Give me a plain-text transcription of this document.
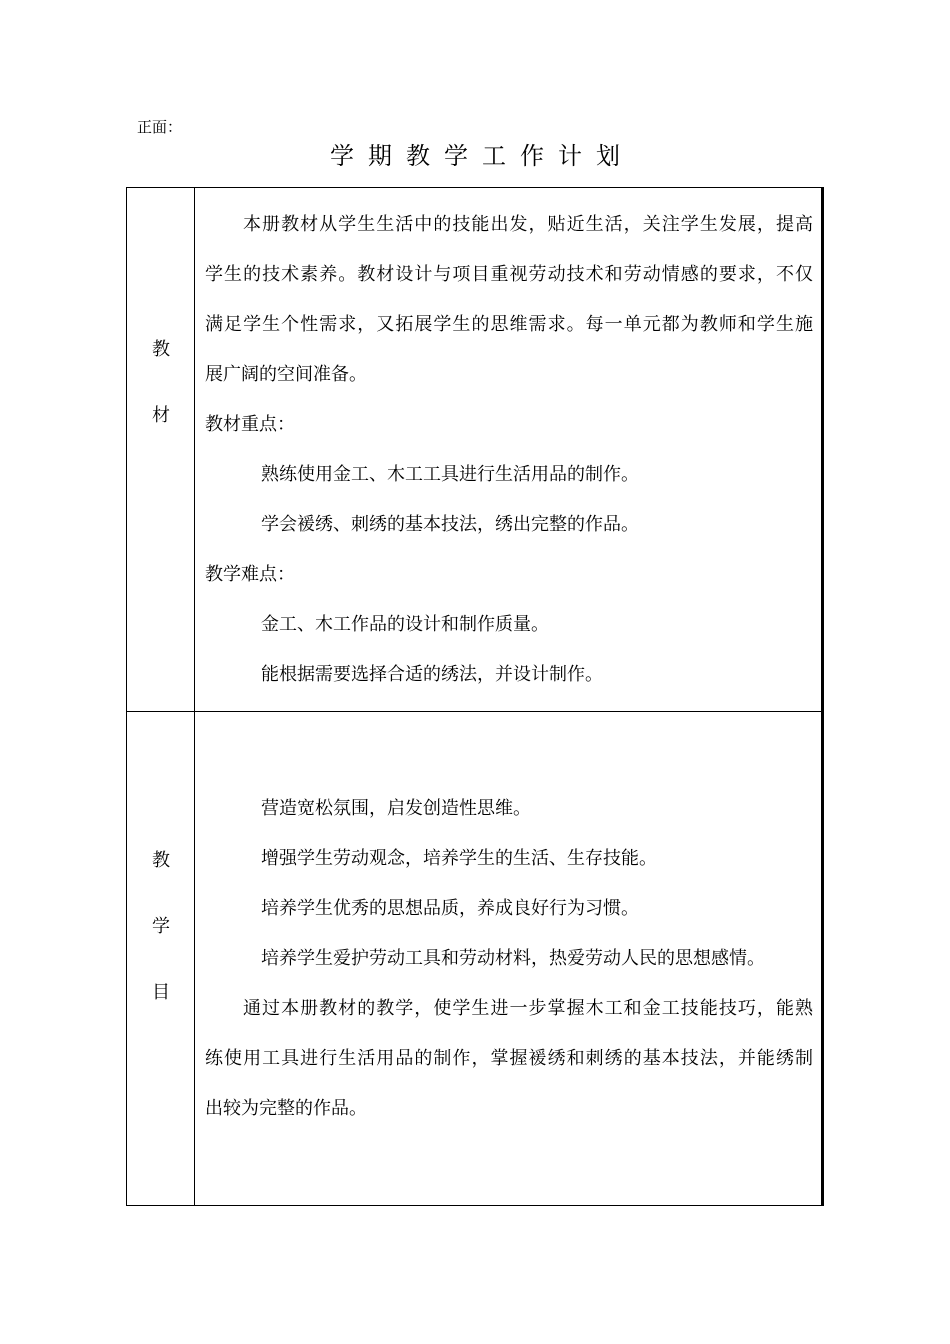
正面：
学期教学工作计划
教
材
本册教材从学生生活中的技能出发，贴近生活，关注学生发展，提高
学生的技术素养。教材设计与项目重视劳动技术和劳动情感的要求，不仅
满足学生个性需求，又拓展学生的思维需求。每一单元都为教师和学生施
展广阔的空间准备。
教材重点：
熟练使用金工、木工工具进行生活用品的制作。
学会褑绣、刺绣的基本技法，绣出完整的作品。
教学难点：
金工、木工作品的设计和制作质量。
能根据需要选择合适的绣法，并设计制作。
教
学
目
营造宽松氛围，启发创造性思维。
增强学生劳动观念，培养学生的生活、生存技能。
培养学生优秀的思想品质，养成良好行为习惯。
培养学生爱护劳动工具和劳动材料，热爱劳动人民的思想感情。
通过本册教材的教学，使学生进一步掌握木工和金工技能技巧，能熟
练使用工具进行生活用品的制作，掌握褑绣和刺绣的基本技法，并能绣制
出较为完整的作品。
